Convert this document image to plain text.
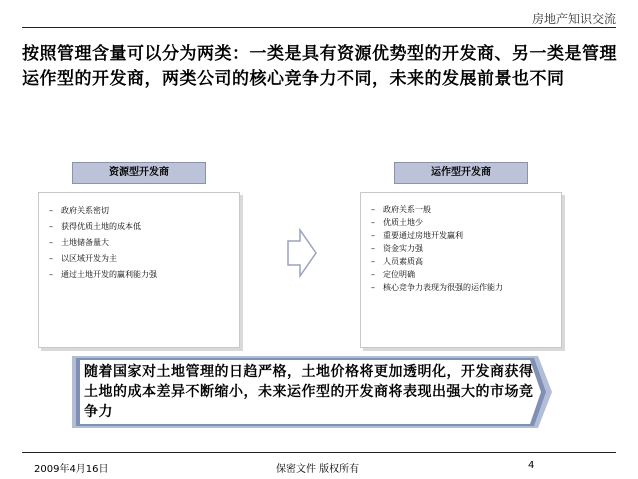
房地产知识交流
按照管理含量可以分为两类：一类是具有资源优势型的开发商、另一类是管理运作型的开发商，两类公司的核心竞争力不同，未来的发展前景也不同
资源型开发商
– 政府关系密切
– 获得优质土地的成本低
– 土地储备量大
– 以区域开发为主
– 通过土地开发的赢利能力强
运作型开发商
– 政府关系一般
– 优质土地少
– 重要通过房地开发赢利
– 资金实力强
– 人员素质高
– 定位明确
– 核心竞争力表现为很强的运作能力
随着国家对土地管理的日趋严格，土地价格将更加透明化，开发商获得土地的成本差异不断缩小，未来运作型的开发商将表现出强大的市场竞争力
2009年4月16日	保密文件 版权所有	4
